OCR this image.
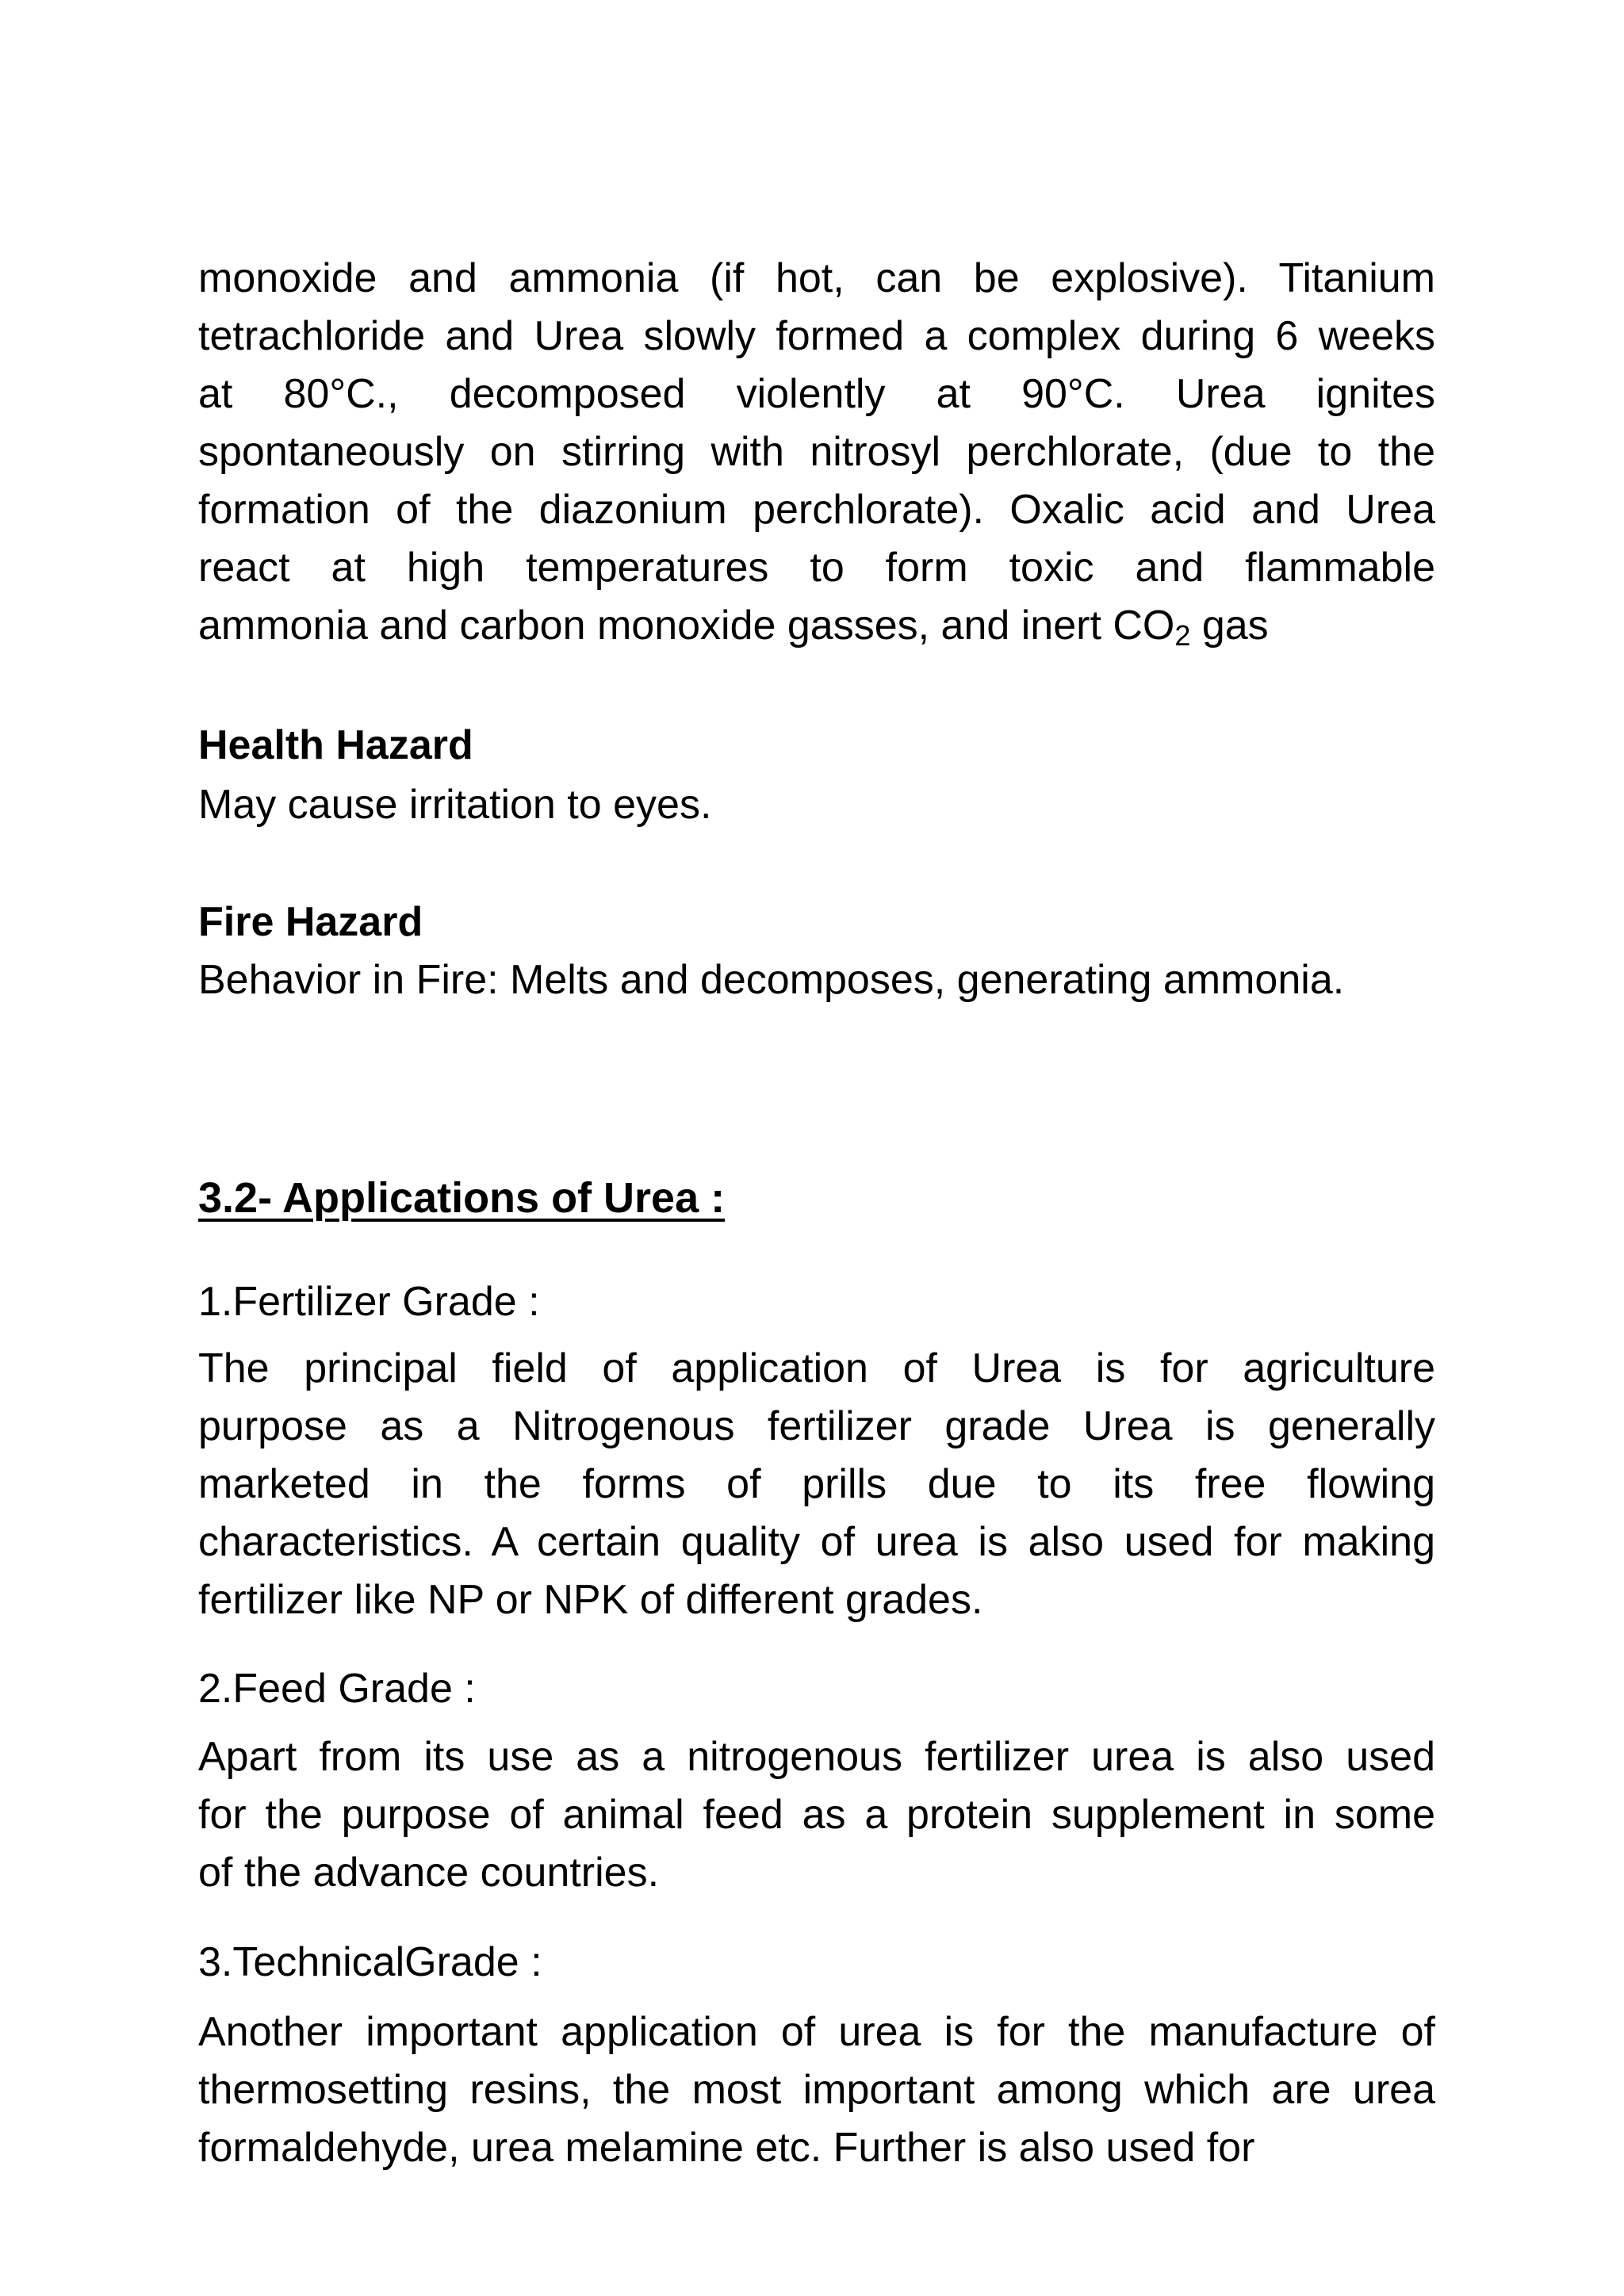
monoxide and ammonia (if hot, can be explosive). Titanium
tetrachloride and Urea slowly formed a complex during 6 weeks
at 80°C., decomposed violently at 90°C. Urea ignites
spontaneously on stirring with nitrosyl perchlorate, (due to the
formation of the diazonium perchlorate). Oxalic acid and Urea
react at high temperatures to form toxic and flammable
ammonia and carbon monoxide gasses, and inert $CO_2$ gas
Health Hazard

May cause irritation to eyes.

Fire Hazard

Behavior in Fire: Melts and decomposes, generating ammonia.

3.2- Applications of Urea :

1.Fertilizer Grade :

The principal field of application of Urea is for agriculture
purpose as a Nitrogenous fertilizer grade Urea is generally
marketed in the forms of prills due to its free flowing
characteristics. A certain quality of urea is also used for making
fertilizer like NP or NPK of different grades.

2.Feed Grade :

Apart from its use as a nitrogenous fertilizer urea is also used
for the purpose of animal feed as a protein supplement in some
of the advance countries.

3.TechnicalGrade :

Another important application of urea is for the manufacture of
thermosetting resins, the most important among which are urea
formaldehyde, urea melamine etc. Further is also used for
